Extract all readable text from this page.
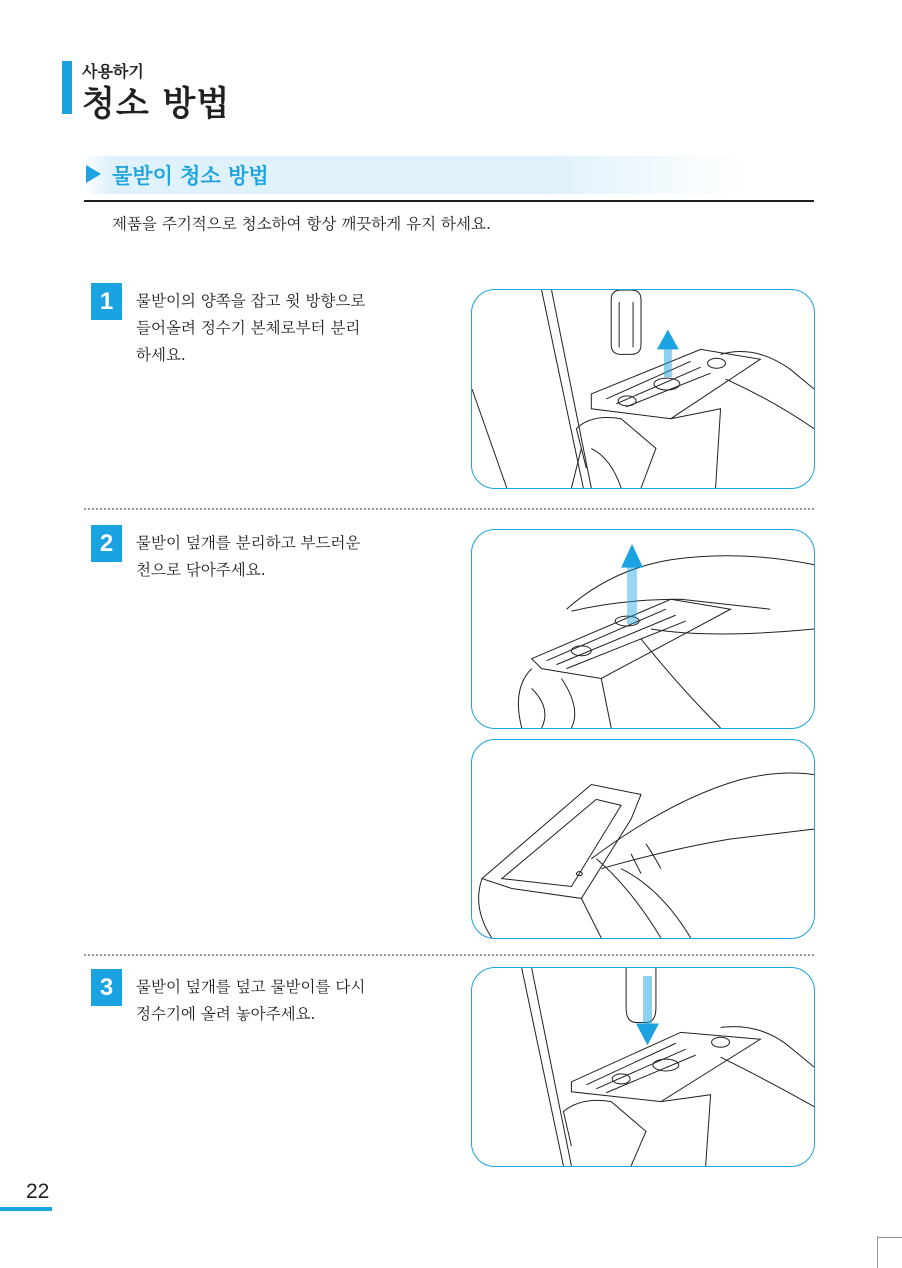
사용하기
청소 방법
물받이 청소 방법
제품을 주기적으로 청소하여 항상 깨끗하게 유지 하세요.
1	물받이의 양쪽을 잡고 윗 방향으로
들어올려 정수기 본체로부터 분리
하세요.
2	물받이 덮개를 분리하고 부드러운
천으로 닦아주세요.
3	물받이 덮개를 덮고 물받이를 다시
정수기에 올려 놓아주세요.
22
